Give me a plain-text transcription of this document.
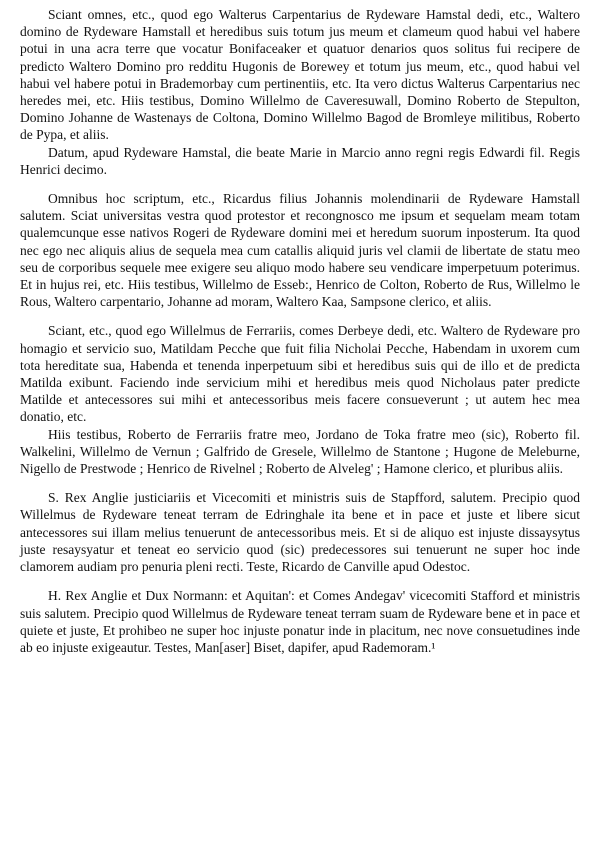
Sciant omnes, etc., quod ego Walterus Carpentarius de Rydeware Hamstal dedi, etc., Waltero domino de Rydeware Hamstall et heredibus suis totum jus meum et clameum quod habui vel habere potui in una acra terre que vocatur Bonifaceaker et quatuor denarios quos solitus fui recipere de predicto Waltero Domino pro redditu Hugonis de Borewey et totum jus meum, etc., quod habui vel habui vel habere potui in Brademorbay cum pertinentiis, etc. Ita vero dictus Walterus Carpentarius nec heredes mei, etc. Hiis testibus, Domino Willelmo de Caveresuwall, Domino Roberto de Stepulton, Domino Johanne de Wastenays de Coltona, Domino Willelmo Bagod de Bromleye militibus, Roberto de Pypa, et aliis.

Datum, apud Rydeware Hamstal, die beate Marie in Marcio anno regni regis Edwardi fil. Regis Henrici decimo.

Omnibus hoc scriptum, etc., Ricardus filius Johannis molendinarii de Rydeware Hamstall salutem. Sciat universitas vestra quod protestor et recongnosco me ipsum et sequelam meam totam qualemcunque esse nativos Rogeri de Rydeware domini mei et heredum suorum inposterum. Ita quod nec ego nec aliquis alius de sequela mea cum catallis aliquid juris vel clamii de libertate de statu meo seu de corporibus sequele mee exigere seu aliquo modo habere seu vendicare imperpetuum poterimus. Et in hujus rei, etc. Hiis testibus, Willelmo de Esseb:, Henrico de Colton, Roberto de Rus, Willelmo le Rous, Waltero carpentario, Johanne ad moram, Waltero Kaa, Sampsone clerico, et aliis.

Sciant, etc., quod ego Willelmus de Ferrariis, comes Derbeye dedi, etc. Waltero de Rydeware pro homagio et servicio suo, Matildam Pecche que fuit filia Nicholai Pecche, Habendam in uxorem cum tota hereditate sua, Habenda et tenenda inperpetuum sibi et heredibus suis qui de illo et de predicta Matilda exibunt. Faciendo inde servicium mihi et heredibus meis quod Nicholaus pater predicte Matilde et antecessores sui mihi et antecessoribus meis facere consueverunt ; ut autem hec mea donatio, etc.

Hiis testibus, Roberto de Ferrariis fratre meo, Jordano de Toka fratre meo (sic), Roberto fil. Walkelini, Willelmo de Vernun ; Galfrido de Gresele, Willelmo de Stantone ; Hugone de Meleburne, Nigello de Prestwode ; Henrico de Rivelnel ; Roberto de Alveleg' ; Hamone clerico, et pluribus aliis.

S. Rex Anglie justiciariis et Vicecomiti et ministris suis de Stapfford, salutem. Precipio quod Willelmus de Rydeware teneat terram de Edringhale ita bene et in pace et juste et libere sicut antecessores sui illam melius tenuerunt de antecessoribus meis. Et si de aliquo est injuste dissaysytus juste resaysyatur et teneat eo servicio quod (sic) predecessores sui tenuerunt ne super hoc inde clamorem audiam pro penuria pleni recti. Teste, Ricardo de Canville apud Odestoc.

H. Rex Anglie et Dux Normann: et Aquitan': et Comes Andegav' vicecomiti Stafford et ministris suis salutem. Precipio quod Willelmus de Rydeware teneat terram suam de Rydeware bene et in pace et quiete et juste, Et prohibeo ne super hoc injuste ponatur inde in placitum, nec nove consuetudines inde ab eo injuste exigeautur. Testes, Man[aser] Biset, dapifer, apud Rademoram.¹
